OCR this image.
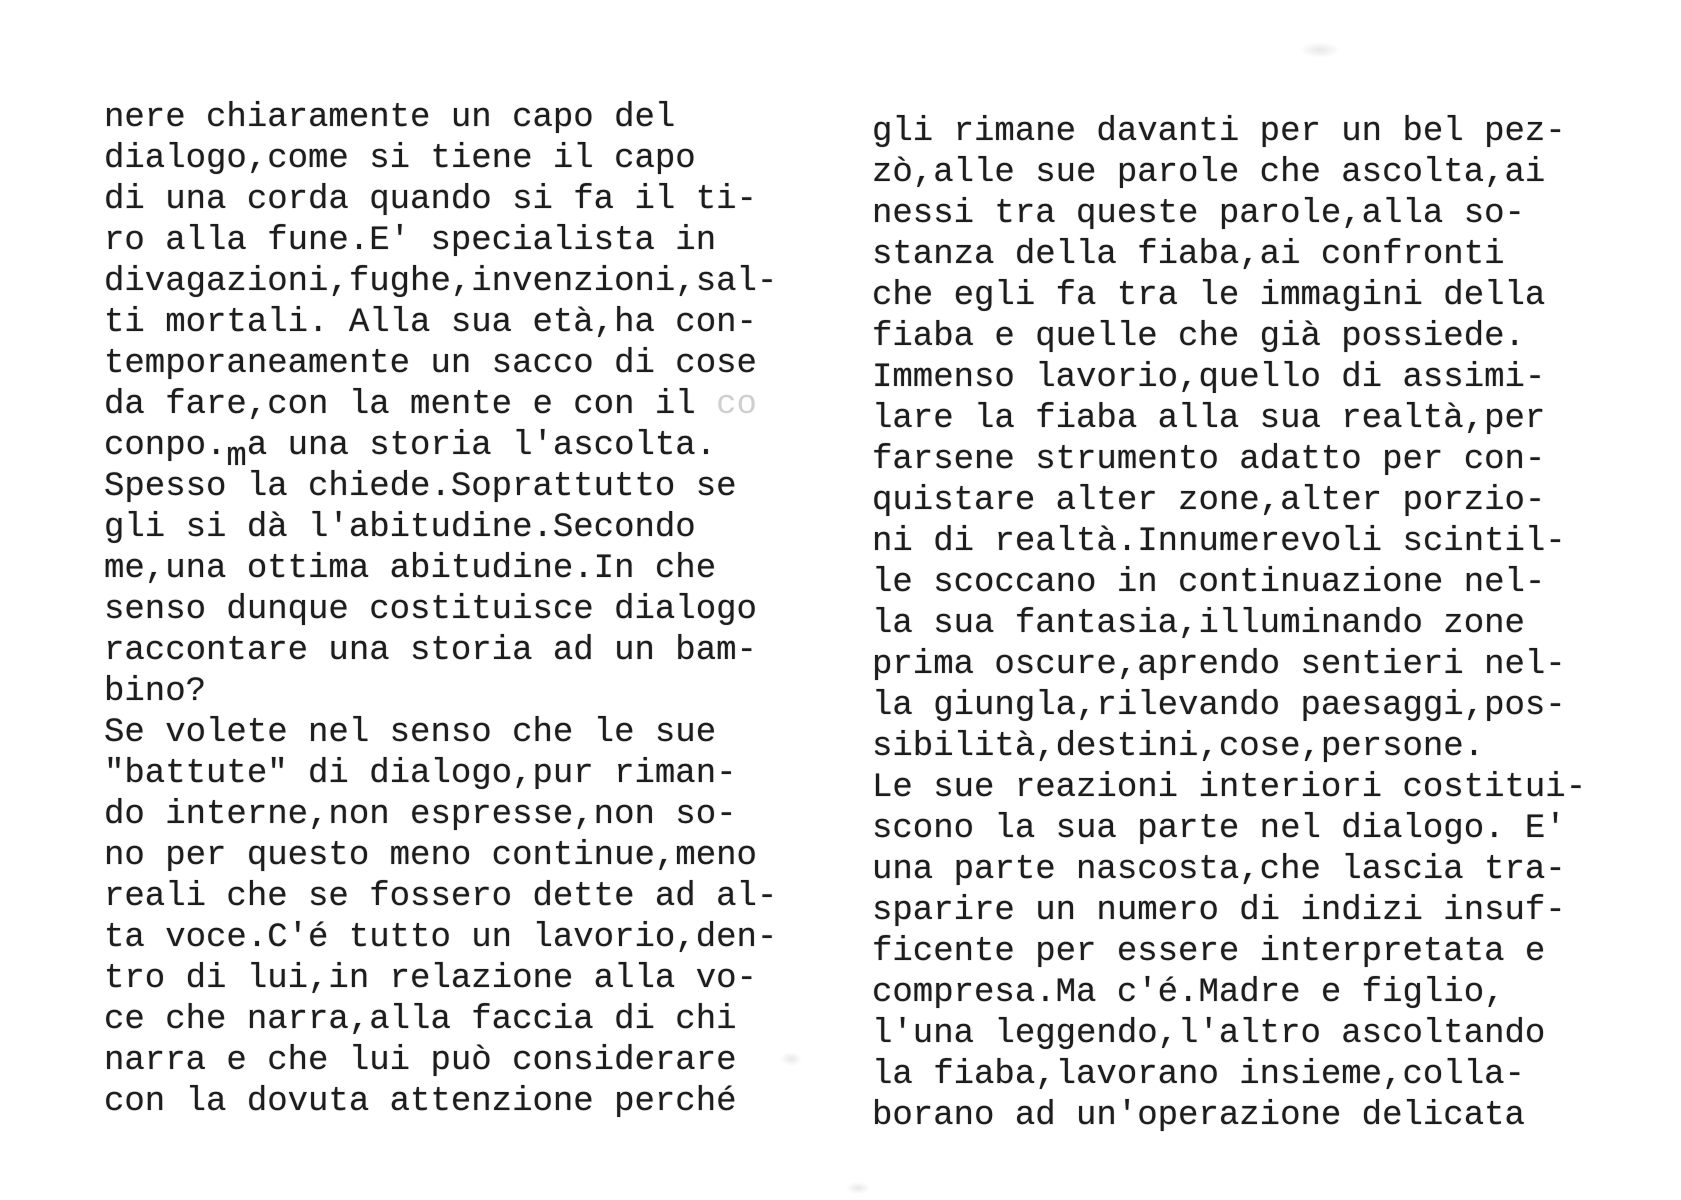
nere chiaramente un capo del
dialogo,come si tiene il capo
di una corda quando si fa il ti-
ro alla fune.E' specialista in
divagazioni,fughe,invenzioni,sal-
ti mortali. Alla sua età,ha con-
temporaneamente un sacco di cose
da fare,con la mente e con il co
conpo.ma una storia l'ascolta.
Spesso la chiede.Soprattutto se
gli si dà l'abitudine.Secondo
me,una ottima abitudine.In che
senso dunque costituisce dialogo
raccontare una storia ad un bam-
bino?
Se volete nel senso che le sue
"battute" di dialogo,pur riman-
do interne,non espresse,non so-
no per questo meno continue,meno
reali che se fossero dette ad al-
ta voce.C'é tutto un lavorio,den-
tro di lui,in relazione alla vo-
ce che narra,alla faccia di chi
narra e che lui può considerare
con la dovuta attenzione perché
gli rimane davanti per un bel pez-
zò,alle sue parole che ascolta,ai
nessi tra queste parole,alla so-
stanza della fiaba,ai confronti
che egli fa tra le immagini della
fiaba e quelle che già possiede.
Immenso lavorio,quello di assimi-
lare la fiaba alla sua realtà,per
farsene strumento adatto per con-
quistare alter zone,alter porzio-
ni di realtà.Innumerevoli scintil-
le scoccano in continuazione nel-
la sua fantasia,illuminando zone
prima oscure,aprendo sentieri nel-
la giungla,rilevando paesaggi,pos-
sibilità,destini,cose,persone.
Le sue reazioni interiori costitui-
scono la sua parte nel dialogo. E'
una parte nascosta,che lascia tra-
sparire un numero di indizi insuf-
ficente per essere interpretata e
compresa.Ma c'é.Madre e figlio,
l'una leggendo,l'altro ascoltando
la fiaba,lavorano insieme,colla-
borano ad un'operazione delicata
